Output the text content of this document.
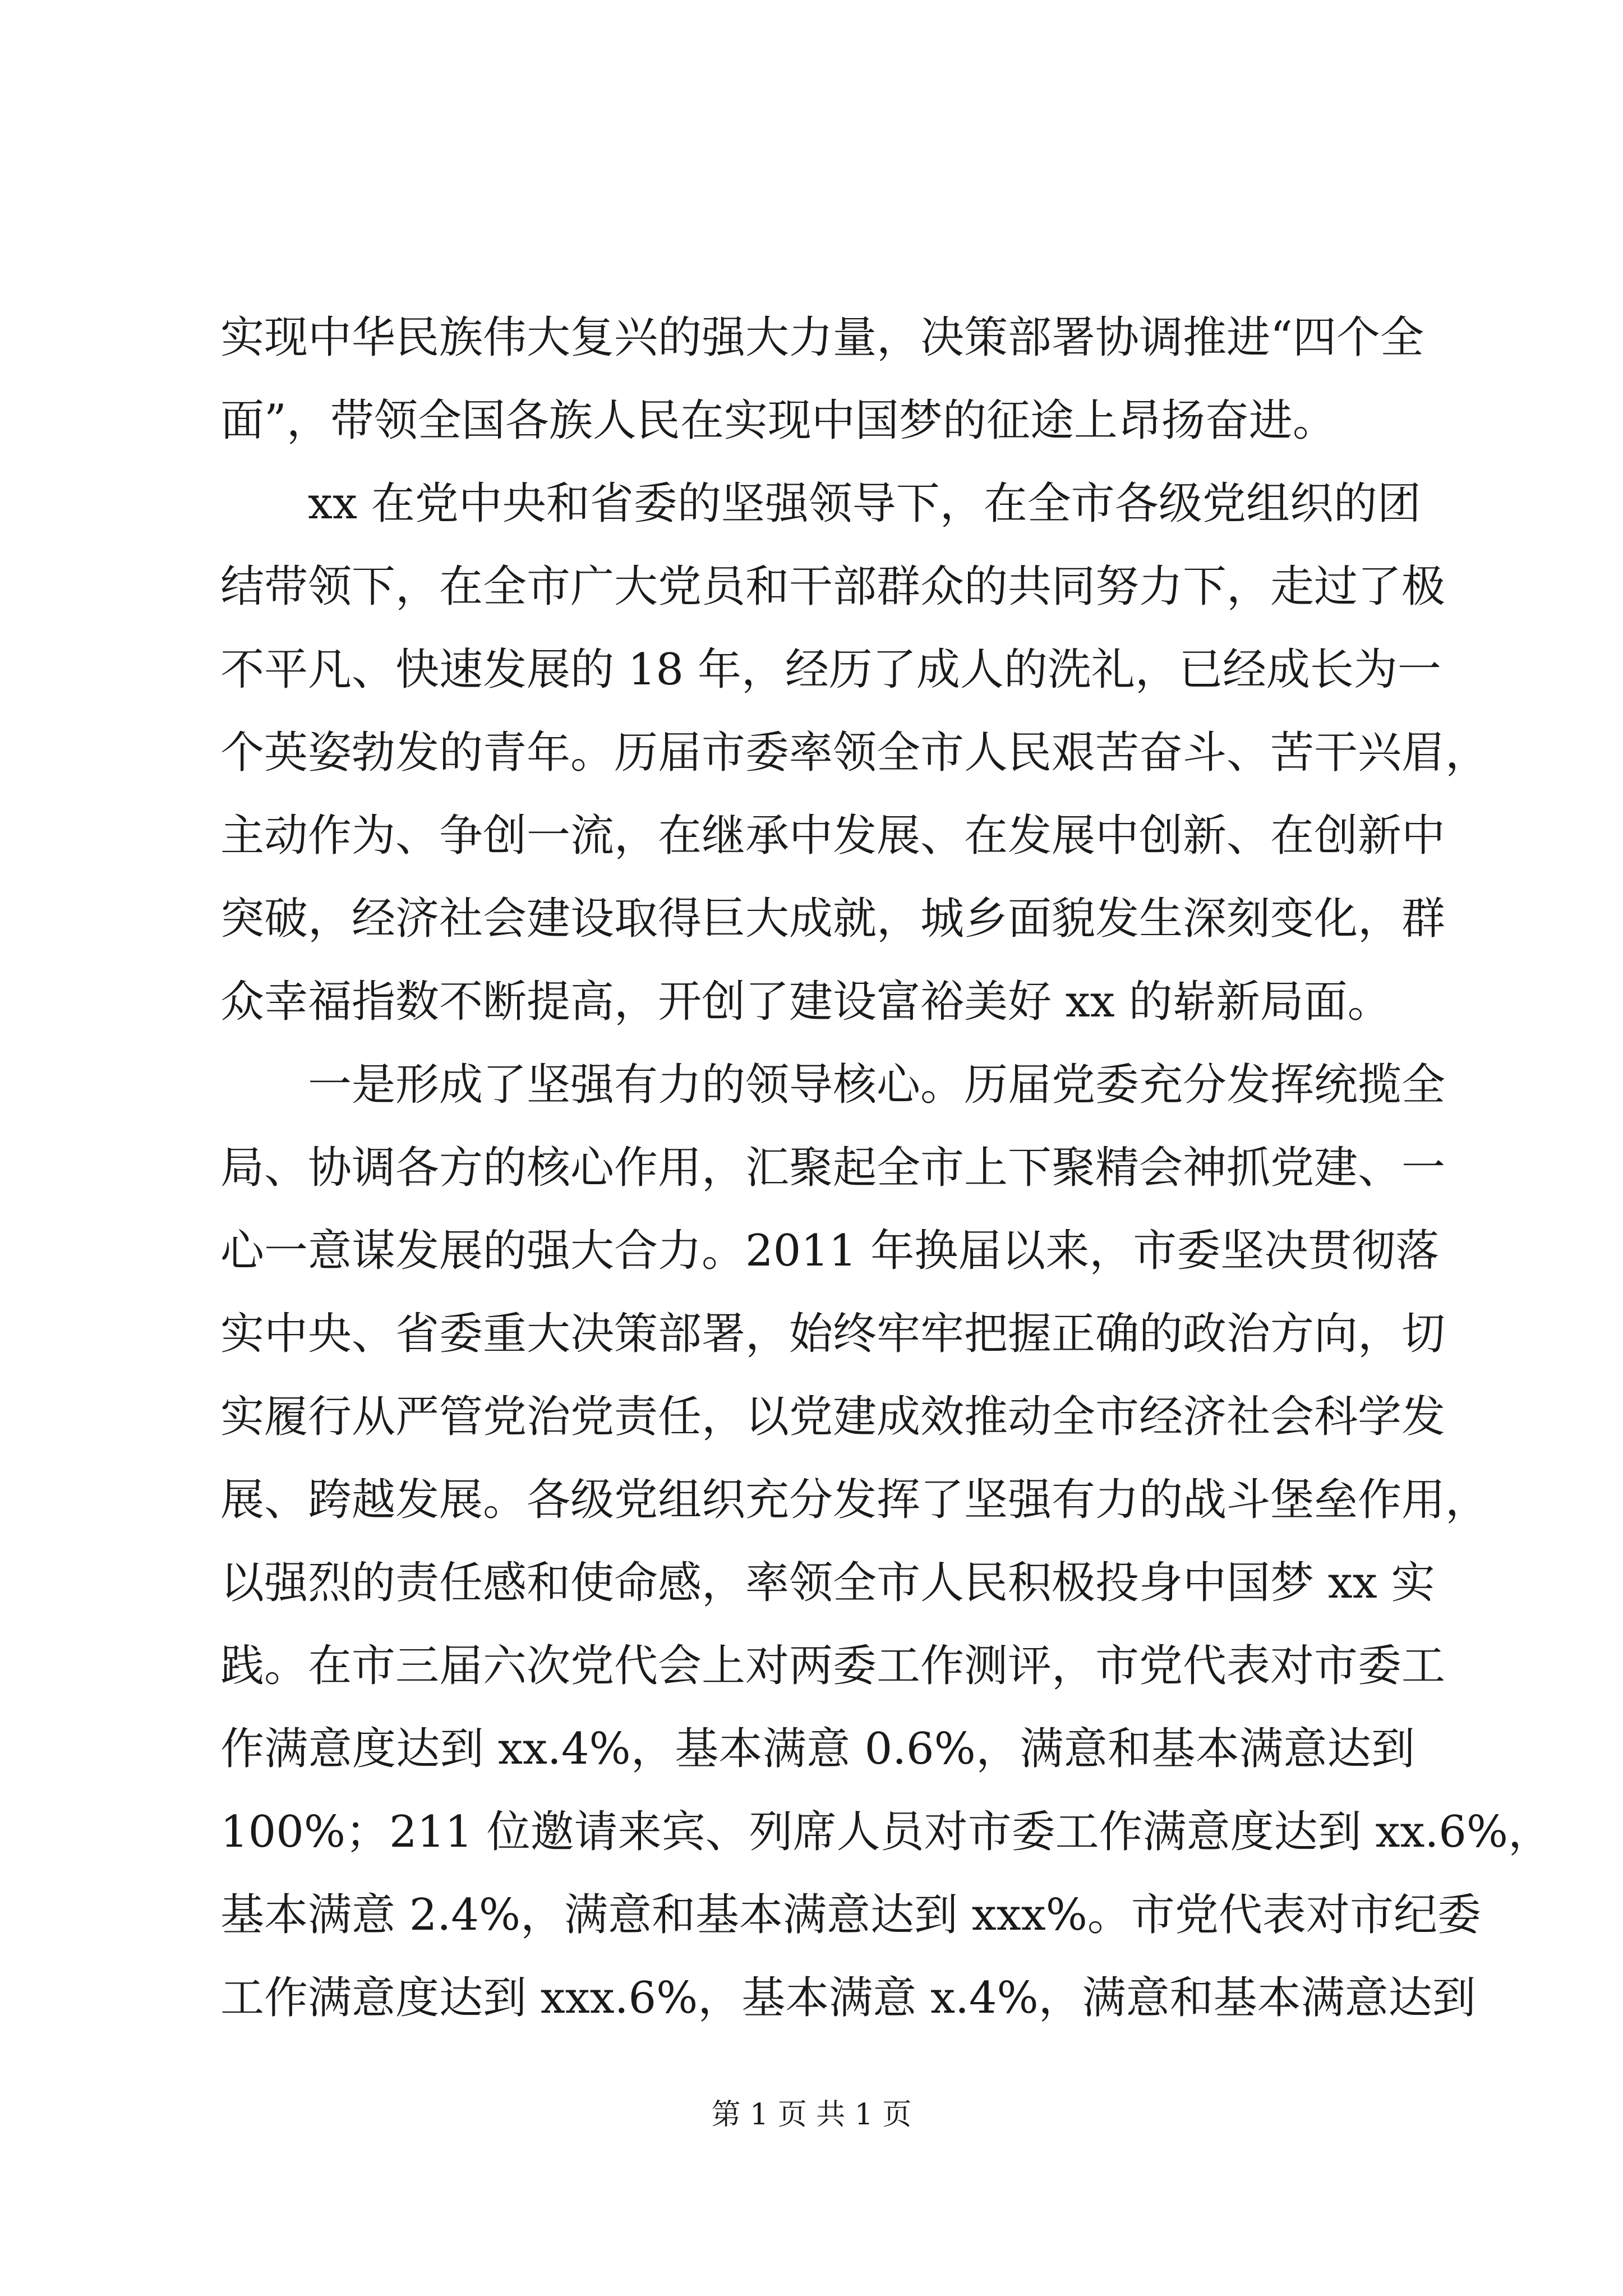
实现中华民族伟大复兴的强大力量，决策部署协调推进“四个全
面”，带领全国各族人民在实现中国梦的征途上昂扬奋进。
xx 在党中央和省委的坚强领导下，在全市各级党组织的团
结带领下，在全市广大党员和干部群众的共同努力下，走过了极
不平凡、快速发展的 18 年，经历了成人的洗礼，已经成长为一
个英姿勃发的青年。历届市委率领全市人民艰苦奋斗、苦干兴眉，
主动作为、争创一流，在继承中发展、在发展中创新、在创新中
突破，经济社会建设取得巨大成就，城乡面貌发生深刻变化，群
众幸福指数不断提高，开创了建设富裕美好 xx 的崭新局面。
一是形成了坚强有力的领导核心。历届党委充分发挥统揽全
局、协调各方的核心作用，汇聚起全市上下聚精会神抓党建、一
心一意谋发展的强大合力。2011 年换届以来，市委坚决贯彻落
实中央、省委重大决策部署，始终牢牢把握正确的政治方向，切
实履行从严管党治党责任，以党建成效推动全市经济社会科学发
展、跨越发展。各级党组织充分发挥了坚强有力的战斗堡垒作用，
以强烈的责任感和使命感，率领全市人民积极投身中国梦 xx 实
践。在市三届六次党代会上对两委工作测评，市党代表对市委工
作满意度达到 xx.4%，基本满意 0.6%，满意和基本满意达到
100%；211 位邀请来宾、列席人员对市委工作满意度达到 xx.6%，
基本满意 2.4%，满意和基本满意达到 xxx%。市党代表对市纪委
工作满意度达到 xxx.6%，基本满意 x.4%，满意和基本满意达到
第 1 页 共 1 页
